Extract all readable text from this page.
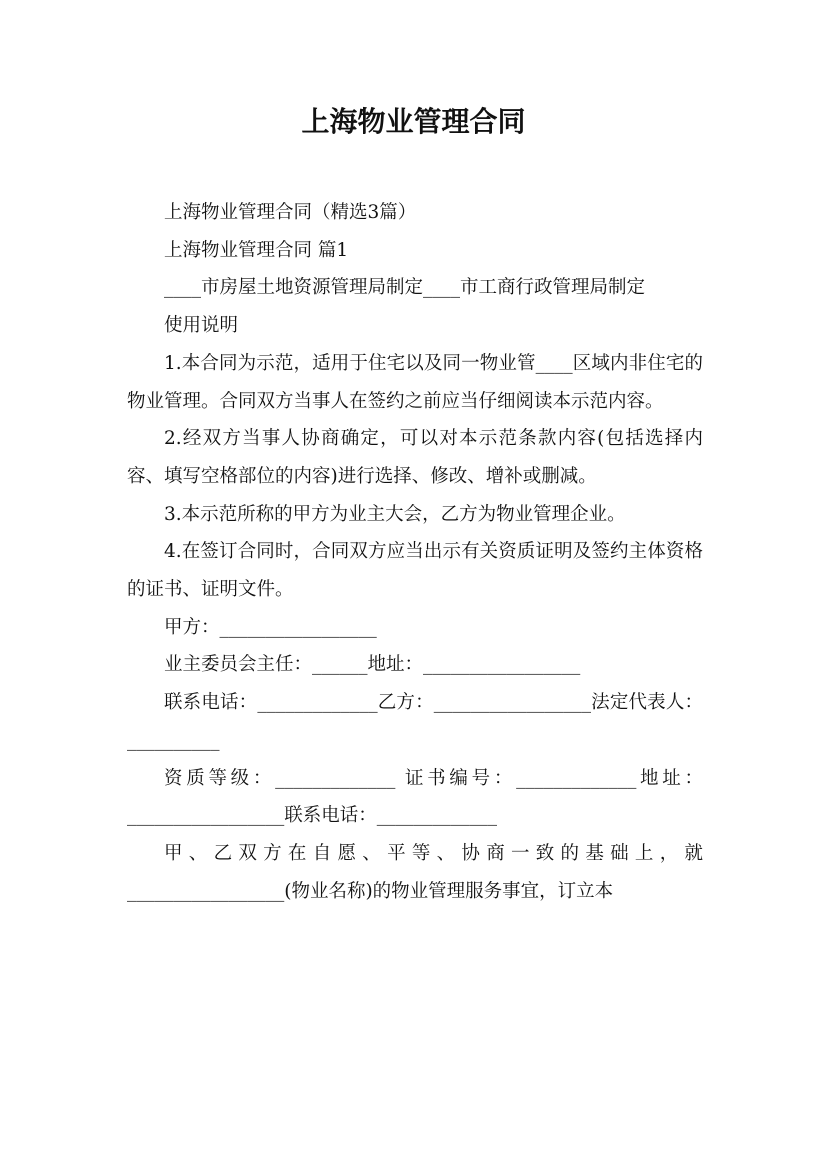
上海物业管理合同

上海物业管理合同（精选3篇）

上海物业管理合同 篇1

____市房屋土地资源管理局制定____市工商行政管理局制定

使用说明

1.本合同为示范，适用于住宅以及同一物业管____区域内非住宅的物业管理。合同双方当事人在签约之前应当仔细阅读本示范内容。

2.经双方当事人协商确定，可以对本示范条款内容(包括选择内容、填写空格部位的内容)进行选择、修改、增补或删减。

3.本示范所称的甲方为业主大会，乙方为物业管理企业。

4.在签订合同时，合同双方应当出示有关资质证明及签约主体资格的证书、证明文件。

甲方：_________________

业主委员会主任：______地址：_________________

联系电话：_____________乙方：_________________法定代表人：__________

资质等级：_____________ 证书编号：_____________地址：_________________联系电话：_____________

甲、乙双方在自愿、平等、协商一致的基础上，就_________________(物业名称)的物业管理服务事宜，订立本
